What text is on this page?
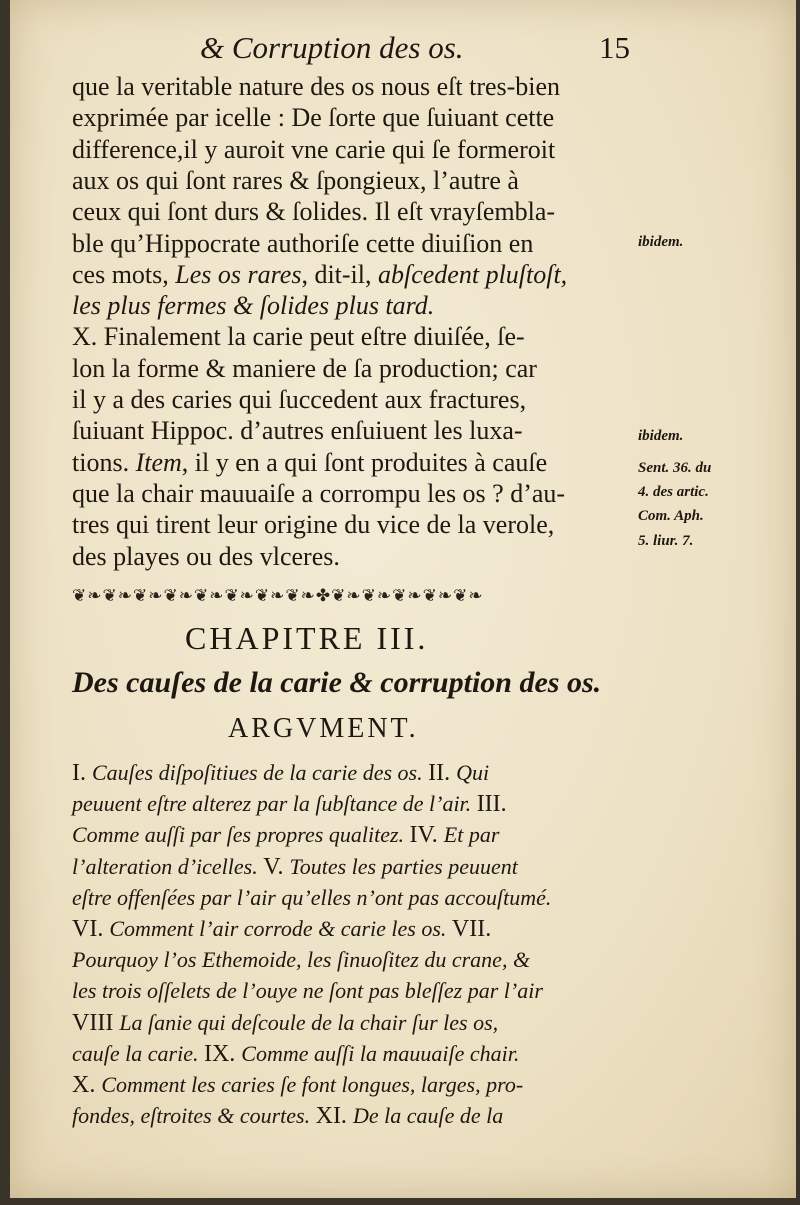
& Corruption des os.	15
que la veritable nature des os nous eſt tres-bien
exprimée par icelle : De ſorte que ſuiuant cette
difference,il y auroit vne carie qui ſe formeroit
aux os qui ſont rares & ſpongieux, l’autre à
ceux qui ſont durs & ſolides. Il eſt vrayſembla-
ble qu’Hippocrate authoriſe cette diuiſion en
ces mots, Les os rares, dit-il, abſcedent pluſtoſt,
les plus fermes & ſolides plus tard.
X. Finalement la carie peut eſtre diuiſée, ſe-
lon la forme & maniere de ſa production; car
il y a des caries qui ſuccedent aux fractures,
ſuiuant Hippoc. d’autres enſuiuent les luxa-
tions. Item, il y en a qui ſont produites à cauſe
que la chair mauuaiſe a corrompu les os ? d’au-
tres qui tirent leur origine du vice de la verole,
des playes ou des vlceres.
ibidem.
ibidem.
Sent. 36. du
4. des artic.
Com. Aph.
5. liur. 7.
❦❧❦❧❦❧❦❧❦❧❦❧❦❧❦❧✤❦❧❦❧❦❧❦❧❦❧
CHAPITRE III.
Des cauſes de la carie & corruption des os.
ARGVMENT.
I. Cauſes diſpoſitiues de la carie des os. II. Qui
peuuent eſtre alterez par la ſubſtance de l’air. III.
Comme auſſi par ſes propres qualitez. IV. Et par
l’alteration d’icelles. V. Toutes les parties peuuent
eſtre offenſées par l’air qu’elles n’ont pas accouſtumé.
VI. Comment l’air corrode & carie les os. VII.
Pourquoy l’os Ethemoide, les ſinuoſitez du crane, &
les trois oſſelets de l’ouye ne ſont pas bleſſez par l’air
VIII La ſanie qui deſcoule de la chair ſur les os,
cauſe la carie. IX. Comme auſſi la mauuaiſe chair.
X. Comment les caries ſe font longues, larges, pro-
fondes, eſtroites & courtes. XI. De la cauſe de la
